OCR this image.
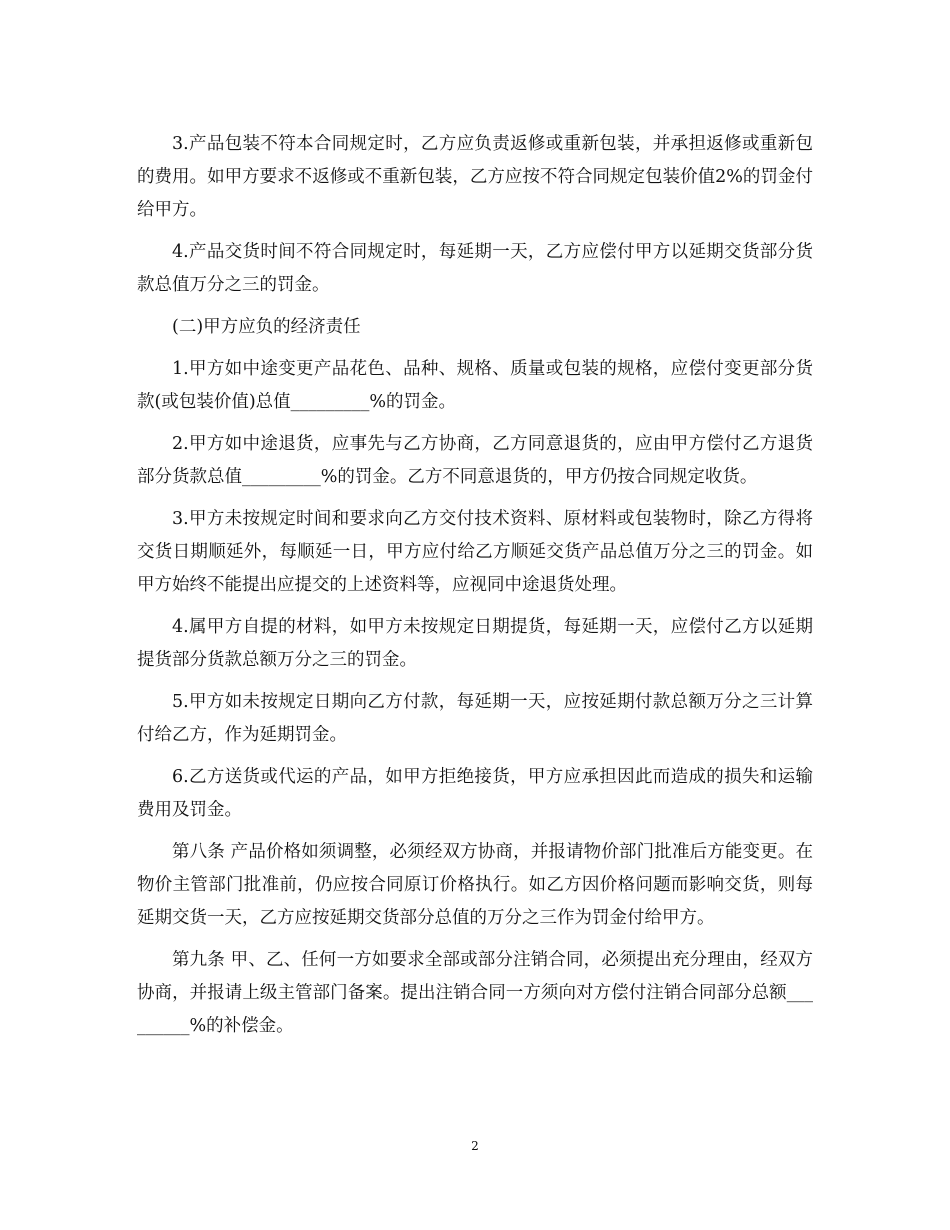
3.产品包装不符本合同规定时，乙方应负责返修或重新包装，并承担返修或重新包的费用。如甲方要求不返修或不重新包装，乙方应按不符合同规定包装价值2%的罚金付给甲方。

4.产品交货时间不符合同规定时，每延期一天，乙方应偿付甲方以延期交货部分货款总值万分之三的罚金。

(二)甲方应负的经济责任

1.甲方如中途变更产品花色、品种、规格、质量或包装的规格，应偿付变更部分货款(或包装价值)总值_________%的罚金。

2.甲方如中途退货，应事先与乙方协商，乙方同意退货的，应由甲方偿付乙方退货部分货款总值_________%的罚金。乙方不同意退货的，甲方仍按合同规定收货。

3.甲方未按规定时间和要求向乙方交付技术资料、原材料或包装物时，除乙方得将交货日期顺延外，每顺延一日，甲方应付给乙方顺延交货产品总值万分之三的罚金。如甲方始终不能提出应提交的上述资料等，应视同中途退货处理。

4.属甲方自提的材料，如甲方未按规定日期提货，每延期一天，应偿付乙方以延期提货部分货款总额万分之三的罚金。

5.甲方如未按规定日期向乙方付款，每延期一天，应按延期付款总额万分之三计算付给乙方，作为延期罚金。

6.乙方送货或代运的产品，如甲方拒绝接货，甲方应承担因此而造成的损失和运输费用及罚金。

第八条 产品价格如须调整，必须经双方协商，并报请物价部门批准后方能变更。在物价主管部门批准前，仍应按合同原订价格执行。如乙方因价格问题而影响交货，则每延期交货一天，乙方应按延期交货部分总值的万分之三作为罚金付给甲方。

第九条 甲、乙、任何一方如要求全部或部分注销合同，必须提出充分理由，经双方协商，并报请上级主管部门备案。提出注销合同一方须向对方偿付注销合同部分总额_________%的补偿金。

2
